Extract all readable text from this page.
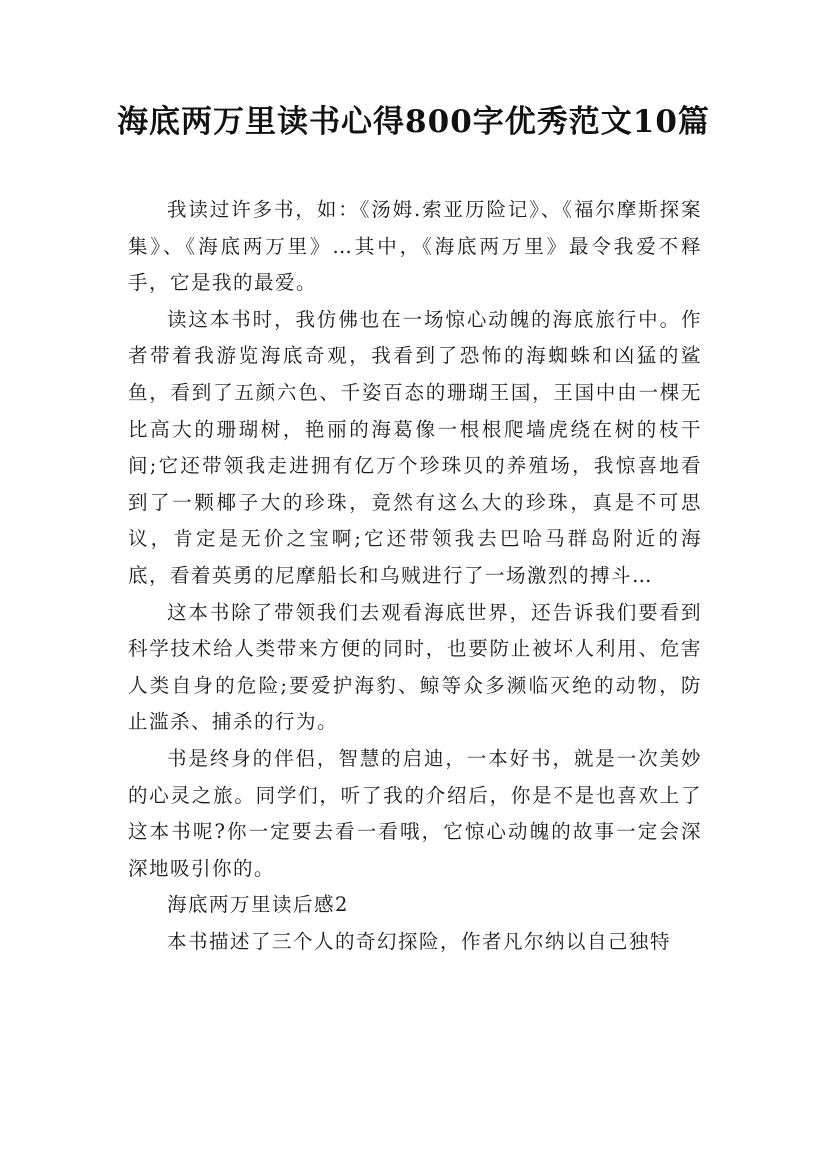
海底两万里读书心得800字优秀范文10篇

我读过许多书，如：《汤姆.索亚历险记》、《福尔摩斯探案集》、《海底两万里》…其中，《海底两万里》最令我爱不释手，它是我的最爱。

读这本书时，我仿佛也在一场惊心动魄的海底旅行中。作者带着我游览海底奇观，我看到了恐怖的海蜘蛛和凶猛的鲨鱼，看到了五颜六色、千姿百态的珊瑚王国，王国中由一棵无比高大的珊瑚树，艳丽的海葛像一根根爬墙虎绕在树的枝干间;它还带领我走进拥有亿万个珍珠贝的养殖场，我惊喜地看到了一颗椰子大的珍珠，竟然有这么大的珍珠，真是不可思议，肯定是无价之宝啊;它还带领我去巴哈马群岛附近的海底，看着英勇的尼摩船长和乌贼进行了一场激烈的搏斗…

这本书除了带领我们去观看海底世界，还告诉我们要看到科学技术给人类带来方便的同时，也要防止被坏人利用、危害人类自身的危险;要爱护海豹、鲸等众多濒临灭绝的动物，防止滥杀、捕杀的行为。

书是终身的伴侣，智慧的启迪，一本好书，就是一次美妙的心灵之旅。同学们，听了我的介绍后，你是不是也喜欢上了这本书呢?你一定要去看一看哦，它惊心动魄的故事一定会深深地吸引你的。

海底两万里读后感2

本书描述了三个人的奇幻探险，作者凡尔纳以自己独特
